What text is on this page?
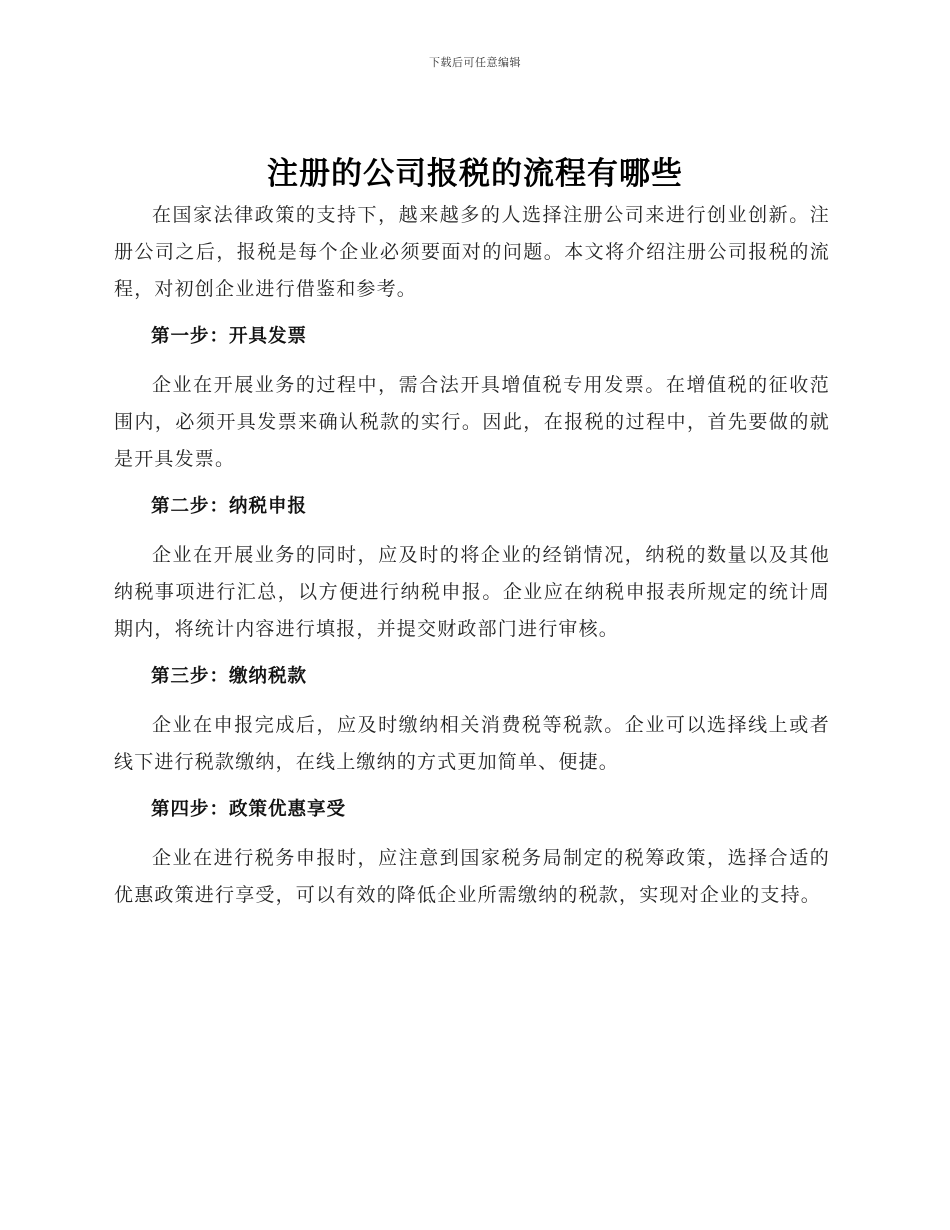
下载后可任意编辑
注册的公司报税的流程有哪些

在国家法律政策的支持下，越来越多的人选择注册公司来进行创业创新。注册公司之后，报税是每个企业必须要面对的问题。本文将介绍注册公司报税的流程，对初创企业进行借鉴和参考。

第一步：开具发票

企业在开展业务的过程中，需合法开具增值税专用发票。在增值税的征收范围内，必须开具发票来确认税款的实行。因此，在报税的过程中，首先要做的就是开具发票。

第二步：纳税申报

企业在开展业务的同时，应及时的将企业的经销情况，纳税的数量以及其他纳税事项进行汇总，以方便进行纳税申报。企业应在纳税申报表所规定的统计周期内，将统计内容进行填报，并提交财政部门进行审核。

第三步：缴纳税款

企业在申报完成后，应及时缴纳相关消费税等税款。企业可以选择线上或者线下进行税款缴纳，在线上缴纳的方式更加简单、便捷。

第四步：政策优惠享受

企业在进行税务申报时，应注意到国家税务局制定的税筹政策，选择合适的优惠政策进行享受，可以有效的降低企业所需缴纳的税款，实现对企业的支持。
